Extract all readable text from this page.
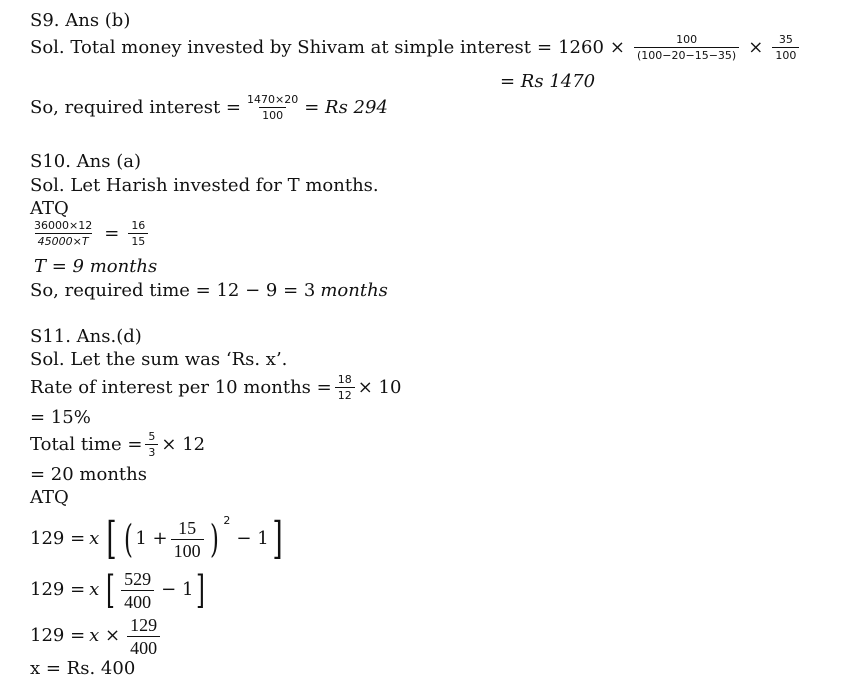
S9. Ans (b)
Sol. Total money invested by Shivam at simple interest = $1260 \times \frac{100}{(100-20-15-35)} \times \frac{35}{100}$
= Rs 1470
So, required interest = $\frac{1470\times 20}{100} = Rs$ 294
S10. Ans (a)
Sol. Let Harish invested for T months.
ATQ
$\frac{36000\times 12}{45000\times T} = \frac{16}{15}$
T = 9 months
So, required time = 12 − 9 = 3 months
S11. Ans.(d)
Sol. Let the sum was ‘Rs. x’.
Rate of interest per 10 months = $\frac{18}{12} \times 10$
= 15%
Total time = $\frac{5}{3} \times 12$
= 20 months
ATQ
129 = x [ ( $1 + \frac{15}{100}$ ) 2
− 1 ]
129 = x [ $\frac{529}{400} - 1$ ]
$129 = x \times \frac{129}{400}$
x = Rs. 400
